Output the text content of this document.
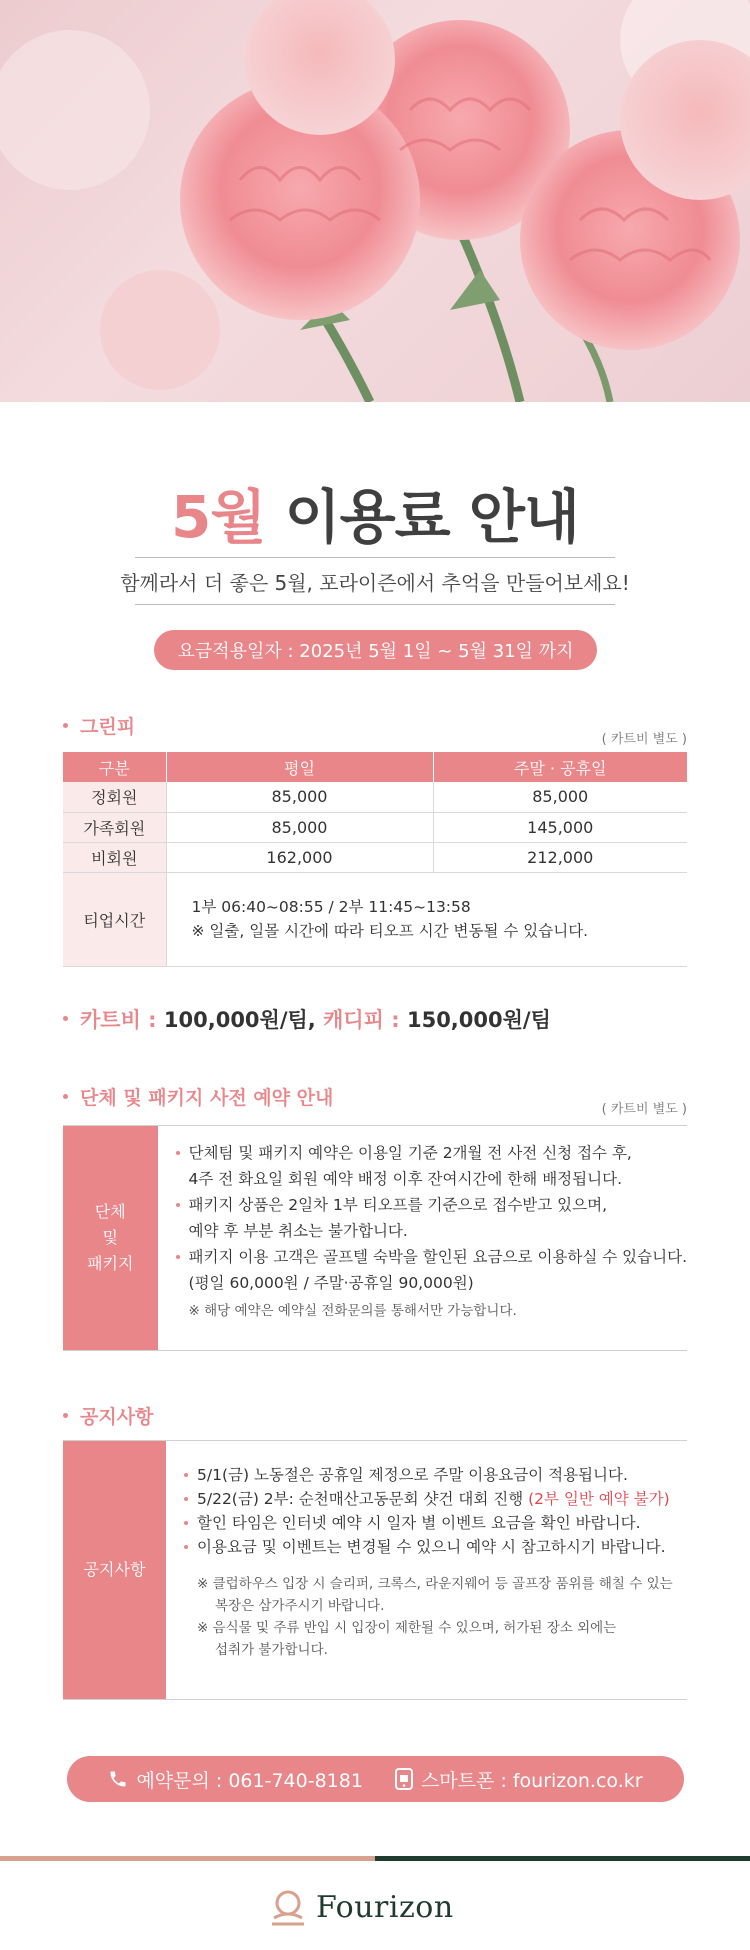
5월 이용료 안내
함께라서 더 좋은 5월, 포라이즌에서 추억을 만들어보세요!
요금적용일자 : 2025년 5월 1일 ~ 5월 31일 까지
그린피
( 카트비 별도 )
구분	평일	주말 · 공휴일
정회원	85,000	85,000
가족회원	85,000	145,000
비회원	162,000	212,000
티업시간	1부 06:40~08:55 / 2부 11:45~13:58
※ 일출, 일몰 시간에 따라 티오프 시간 변동될 수 있습니다.	
카트비 : 100,000원/팀, 캐디피 : 150,000원/팀
단체 및 패키지 사전 예약 안내
( 카트비 별도 )
단체
및
패키지
단체팀 및 패키지 예약은 이용일 기준 2개월 전 사전 신청 접수 후,
4주 전 화요일 회원 예약 배정 이후 잔여시간에 한해 배정됩니다.
패키지 상품은 2일차 1부 티오프를 기준으로 접수받고 있으며,
예약 후 부분 취소는 불가합니다.
패키지 이용 고객은 골프텔 숙박을 할인된 요금으로 이용하실 수 있습니다.
(평일 60,000원 / 주말·공휴일 90,000원)
※ 해당 예약은 예약실 전화문의를 통해서만 가능합니다.
공지사항
공지사항
5/1(금) 노동절은 공휴일 제정으로 주말 이용요금이 적용됩니다.
5/22(금) 2부: 순천매산고동문회 샷건 대회 진행 (2부 일반 예약 불가)
할인 타임은 인터넷 예약 시 일자 별 이벤트 요금을 확인 바랍니다.
이용요금 및 이벤트는 변경될 수 있으니 예약 시 참고하시기 바랍니다.
※ 클럽하우스 입장 시 슬리퍼, 크록스, 라운지웨어 등 골프장 품위를 해칠 수 있는
복장은 삼가주시기 바랍니다.
※ 음식물 및 주류 반입 시 입장이 제한될 수 있으며, 허가된 장소 외에는
섭취가 불가합니다.
예약문의 : 061-740-8181	스마트폰 : fourizon.co.kr
Fourizon
